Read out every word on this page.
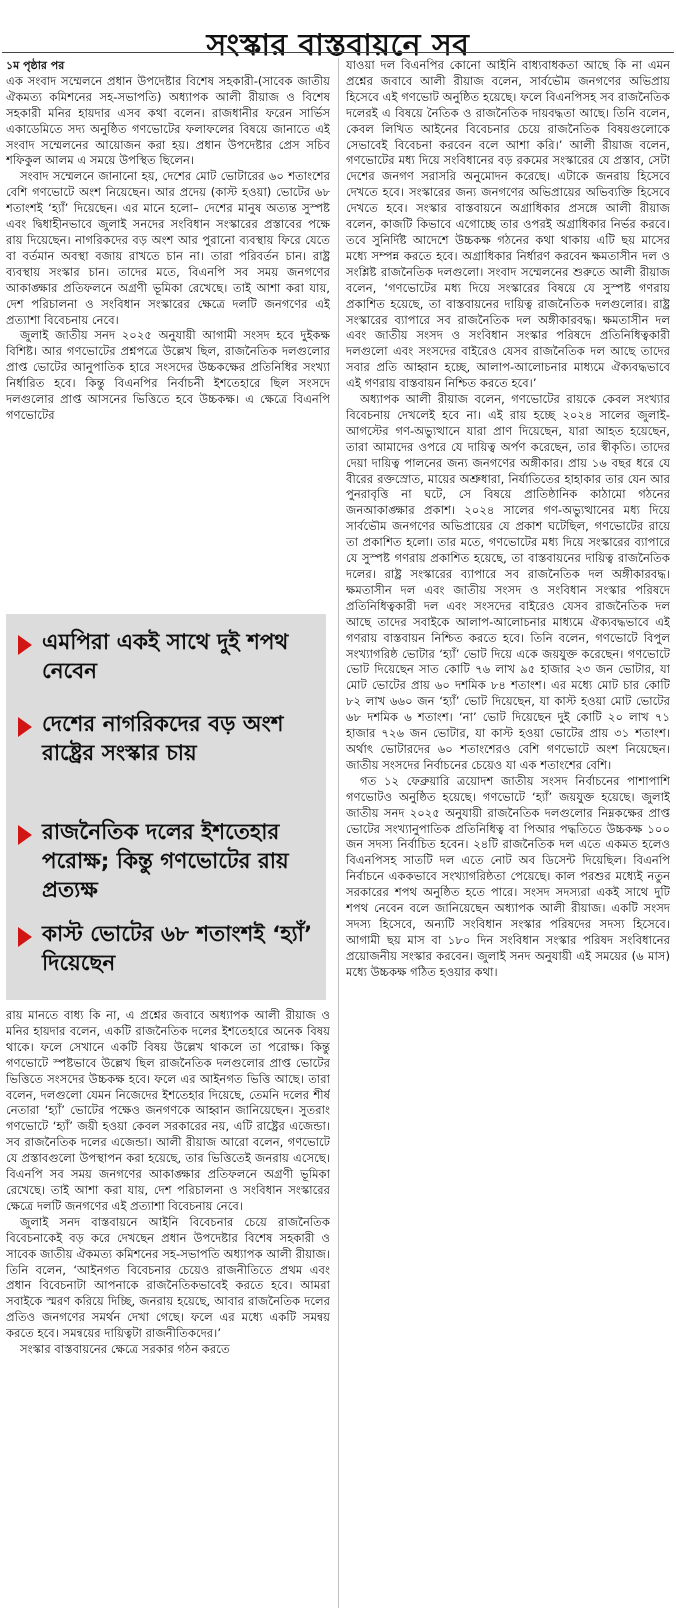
সংস্কার বাস্তবায়নে সব
১ম পৃষ্ঠার পর

এক সংবাদ সম্মেলনে প্রধান উপদেষ্টার বিশেষ সহকারী-(সাবেক জাতীয় ঐকমত্য কমিশনের সহ-সভাপতি) অধ্যাপক আলী রীয়াজ ও বিশেষ সহকারী মনির হায়দার এসব কথা বলেন। রাজধানীর ফরেন সার্ভিস একাডেমিতে সদ্য অনুষ্ঠিত গণভোটের ফলাফলের বিষয়ে জানাতে এই সংবাদ সম্মেলনের আয়োজন করা হয়। প্রধান উপদেষ্টার প্রেস সচিব শফিকুল আলম এ সময়ে উপস্থিত ছিলেন।

সংবাদ সম্মেলনে জানানো হয়, দেশের মোট ভোটারের ৬০ শতাংশের বেশি গণভোটে অংশ নিয়েছেন। আর প্রদেয় (কাস্ট হওয়া) ভোটের ৬৮ শতাংশই ‘হ্যাঁ’ দিয়েছেন। এর মানে হলো– দেশের মানুষ অত্যন্ত সুস্পষ্ট এবং দ্বিধাহীনভাবে জুলাই সনদের সংবিধান সংস্কারের প্রস্তাবের পক্ষে রায় দিয়েছেন। নাগরিকদের বড় অংশ আর পুরানো ব্যবস্থায় ফিরে যেতে বা বর্তমান অবস্থা বজায় রাখতে চান না। তারা পরিবর্তন চান। রাষ্ট্র ব্যবস্থায় সংস্কার চান। তাদের মতে, বিএনপি সব সময় জনগণের আকাঙ্ক্ষার প্রতিফলনে অগ্রণী ভূমিকা রেখেছে। তাই আশা করা যায়, দেশ পরিচালনা ও সংবিধান সংস্কারের ক্ষেত্রে দলটি জনগণের এই প্রত্যাশা বিবেচনায় নেবে।

জুলাই জাতীয় সনদ ২০২৫ অনুযায়ী আগামী সংসদ হবে দুইকক্ষ বিশিষ্ট। আর গণভোটের প্রশ্নপত্রে উল্লেখ ছিল, রাজনৈতিক দলগুলোর প্রাপ্ত ভোটের আনুপাতিক হারে সংসদের উচ্চকক্ষের প্রতিনিধির সংখ্যা নির্ধারিত হবে। কিন্তু বিএনপির নির্বাচনী ইশতেহারে ছিল সংসদে দলগুলোর প্রাপ্ত আসনের ভিত্তিতে হবে উচ্চকক্ষ। এ ক্ষেত্রে বিএনপি গণভোটের

এমপিরা একই সাথে দুই শপথ নেবেন
দেশের নাগরিকদের বড় অংশ রাষ্ট্রের সংস্কার চায়
রাজনৈতিক দলের ইশতেহার পরোক্ষ; কিন্তু গণভোটের রায় প্রত্যক্ষ
কাস্ট ভোটের ৬৮ শতাংশই ‘হ্যাঁ’ দিয়েছেন

রায় মানতে বাধ্য কি না, এ প্রশ্নের জবাবে অধ্যাপক আলী রীয়াজ ও মনির হায়দার বলেন, একটি রাজনৈতিক দলের ইশতেহারে অনেক বিষয় থাকে। ফলে সেখানে একটি বিষয় উল্লেখ থাকলে তা পরোক্ষ। কিন্তু গণভোটে স্পষ্টভাবে উল্লেখ ছিল রাজনৈতিক দলগুলোর প্রাপ্ত ভোটের ভিত্তিতে সংসদের উচ্চকক্ষ হবে। ফলে এর আইনগত ভিত্তি আছে। তারা বলেন, দলগুলো যেমন নিজেদের ইশতেহার দিয়েছে, তেমনি দলের শীর্ষ নেতারা ‘হ্যাঁ’ ভোটের পক্ষেও জনগণকে আহ্বান জানিয়েছেন। সুতরাং গণভোটে ‘হ্যাঁ’ জয়ী হওয়া কেবল সরকারের নয়, এটি রাষ্ট্রের এজেন্ডা। সব রাজনৈতিক দলের এজেন্ডা। আলী রীয়াজ আরো বলেন, গণভোটে যে প্রস্তাবগুলো উপস্থাপন করা হয়েছে, তার ভিত্তিতেই জনরায় এসেছে। বিএনপি সব সময় জনগণের আকাঙ্ক্ষার প্রতিফলনে অগ্রণী ভূমিকা রেখেছে। তাই আশা করা যায়, দেশ পরিচালনা ও সংবিধান সংস্কারের ক্ষেত্রে দলটি জনগণের এই প্রত্যাশা বিবেচনায় নেবে।

জুলাই সনদ বাস্তবায়নে আইনি বিবেচনার চেয়ে রাজনৈতিক বিবেচনাকেই বড় করে দেখছেন প্রধান উপদেষ্টার বিশেষ সহকারী ও সাবেক জাতীয় ঐকমত্য কমিশনের সহ-সভাপতি অধ্যাপক আলী রীয়াজ। তিনি বলেন, ‘আইনগত বিবেচনার চেয়েও রাজনীতিতে প্রথম এবং প্রধান বিবেচনাটা আপনাকে রাজনৈতিকভাবেই করতে হবে। আমরা সবাইকে স্মরণ করিয়ে দিচ্ছি, জনরায় হয়েছে, আবার রাজনৈতিক দলের প্রতিও জনগণের সমর্থন দেখা গেছে। ফলে এর মধ্যে একটি সমন্বয় করতে হবে। সমন্বয়ের দায়িত্বটা রাজনীতিকদের।’

সংস্কার বাস্তবায়নের ক্ষেত্রে সরকার গঠন করতে

যাওয়া দল বিএনপির কোনো আইনি বাধ্যবাধকতা আছে কি না এমন প্রশ্নের জবাবে আলী রীয়াজ বলেন, সার্বভৌম জনগণের অভিপ্রায় হিসেবে এই গণভোট অনুষ্ঠিত হয়েছে। ফলে বিএনপিসহ সব রাজনৈতিক দলেরই এ বিষয়ে নৈতিক ও রাজনৈতিক দায়বদ্ধতা আছে। তিনি বলেন, কেবল লিখিত আইনের বিবেচনার চেয়ে রাজনৈতিক বিষয়গুলোকে সেভাবেই বিবেচনা করবেন বলে আশা করি।’ আলী রীয়াজ বলেন, গণভোটের মধ্য দিয়ে সংবিধানের বড় রকমের সংস্কারের যে প্রস্তাব, সেটা দেশের জনগণ সরাসরি অনুমোদন করেছে। এটাকে জনরায় হিসেবে দেখতে হবে। সংস্কারের জন্য জনগণের অভিপ্রায়ের অভিব্যক্তি হিসেবে দেখতে হবে। সংস্কার বাস্তবায়নে অগ্রাধিকার প্রসঙ্গে আলী রীয়াজ বলেন, কাজটি কিভাবে এগোচ্ছে তার ওপরই অগ্রাধিকার নির্ভর করবে। তবে সুনির্দিষ্ট আদেশে উচ্চকক্ষ গঠনের কথা থাকায় এটি ছয় মাসের মধ্যে সম্পন্ন করতে হবে। অগ্রাধিকার নির্ধারণ করবেন ক্ষমতাসীন দল ও সংশ্লিষ্ট রাজনৈতিক দলগুলো। সংবাদ সম্মেলনের শুরুতে আলী রীয়াজ বলেন, ‘গণভোটের মধ্য দিয়ে সংস্কারের বিষয়ে যে সুস্পষ্ট গণরায় প্রকাশিত হয়েছে, তা বাস্তবায়নের দায়িত্ব রাজনৈতিক দলগুলোর। রাষ্ট্র সংস্কারের ব্যাপারে সব রাজনৈতিক দল অঙ্গীকারবদ্ধ। ক্ষমতাসীন দল এবং জাতীয় সংসদ ও সংবিধান সংস্কার পরিষদে প্রতিনিধিত্বকারী দলগুলো এবং সংসদের বাইরেও যেসব রাজনৈতিক দল আছে তাদের সবার প্রতি আহ্বান হচ্ছে, আলাপ-আলোচনার মাধ্যমে ঐক্যবদ্ধভাবে এই গণরায় বাস্তবায়ন নিশ্চিত করতে হবে।’

অধ্যাপক আলী রীয়াজ বলেন, গণভোটের রায়কে কেবল সংখ্যার বিবেচনায় দেখলেই হবে না। এই রায় হচ্ছে ২০২৪ সালের জুলাই-আগস্টের গণ-অভ্যুত্থানে যারা প্রাণ দিয়েছেন, যারা আহত হয়েছেন, তারা আমাদের ওপরে যে দায়িত্ব অর্পণ করেছেন, তার স্বীকৃতি। তাদের দেয়া দায়িত্ব পালনের জন্য জনগণের অঙ্গীকার। প্রায় ১৬ বছর ধরে যে বীরের রক্তস্রোত, মায়ের অশ্রুধারা, নির্যাতিতের হাহাকার তার যেন আর পুনরাবৃত্তি না ঘটে, সে বিষয়ে প্রাতিষ্ঠানিক কাঠামো গঠনের জনআকাঙ্ক্ষার প্রকাশ। ২০২৪ সালের গণ-অভ্যুত্থানের মধ্য দিয়ে সার্বভৌম জনগণের অভিপ্রায়ের যে প্রকাশ ঘটেছিল, গণভোটের রায়ে তা প্রকাশিত হলো। তার মতে, গণভোটের মধ্য দিয়ে সংস্কারের ব্যাপারে যে সুস্পষ্ট গণরায় প্রকাশিত হয়েছে, তা বাস্তবায়নের দায়িত্ব রাজনৈতিক দলের। রাষ্ট্র সংস্কারের ব্যাপারে সব রাজনৈতিক দল অঙ্গীকারবদ্ধ। ক্ষমতাসীন দল এবং জাতীয় সংসদ ও সংবিধান সংস্কার পরিষদে প্রতিনিধিত্বকারী দল এবং সংসদের বাইরেও যেসব রাজনৈতিক দল আছে তাদের সবাইকে আলাপ-আলোচনার মাধ্যমে ঐক্যবদ্ধভাবে এই গণরায় বাস্তবায়ন নিশ্চিত করতে হবে। তিনি বলেন, গণভোটে বিপুল সংখ্যাগরিষ্ঠ ভোটার ‘হ্যাঁ’ ভোট দিয়ে একে জয়যুক্ত করেছেন। গণভোটে ভোট দিয়েছেন সাত কোটি ৭৬ লাখ ৯৫ হাজার ২৩ জন ভোটার, যা মোট ভোটের প্রায় ৬০ দশমিক ৮৪ শতাংশ। এর মধ্যে মোট চার কোটি ৮২ লাখ ৬৬০ জন ‘হ্যাঁ’ ভোট দিয়েছেন, যা কাস্ট হওয়া মোট ভোটের ৬৮ দশমিক ৬ শতাংশ। ‘না’ ভোট দিয়েছেন দুই কোটি ২০ লাখ ৭১ হাজার ৭২৬ জন ভোটার, যা কাস্ট হওয়া ভোটের প্রায় ৩১ শতাংশ। অর্থাৎ ভোটারদের ৬০ শতাংশেরও বেশি গণভোটে অংশ নিয়েছেন। জাতীয় সংসদের নির্বাচনের চেয়েও যা এক শতাংশের বেশি।

গত ১২ ফেব্রুয়ারি ত্রয়োদশ জাতীয় সংসদ নির্বাচনের পাশাপাশি গণভোটও অনুষ্ঠিত হয়েছে। গণভোটে ‘হ্যাঁ’ জয়যুক্ত হয়েছে। জুলাই জাতীয় সনদ ২০২৫ অনুযায়ী রাজনৈতিক দলগুলোর নিম্নকক্ষের প্রাপ্ত ভোটের সংখ্যানুপাতিক প্রতিনিধিত্ব বা পিআর পদ্ধতিতে উচ্চকক্ষ ১০০ জন সদস্য নির্বাচিত হবেন। ২৪টি রাজনৈতিক দল এতে একমত হলেও বিএনপিসহ সাতটি দল এতে নোট অব ডিসেন্ট দিয়েছিল। বিএনপি নির্বাচনে এককভাবে সংখ্যাগরিষ্ঠতা পেয়েছে। কাল পরশুর মধ্যেই নতুন সরকারের শপথ অনুষ্ঠিত হতে পারে। সংসদ সদস্যরা একই সাথে দুটি শপথ নেবেন বলে জানিয়েছেন অধ্যাপক আলী রীয়াজ। একটি সংসদ সদস্য হিসেবে, অন্যটি সংবিধান সংস্কার পরিষদের সদস্য হিসেবে। আগামী ছয় মাস বা ১৮০ দিন সংবিধান সংস্কার পরিষদ সংবিধানের প্রয়োজনীয় সংস্কার করবেন। জুলাই সনদ অনুযায়ী এই সময়ের (৬ মাস) মধ্যে উচ্চকক্ষ গঠিত হওয়ার কথা।
